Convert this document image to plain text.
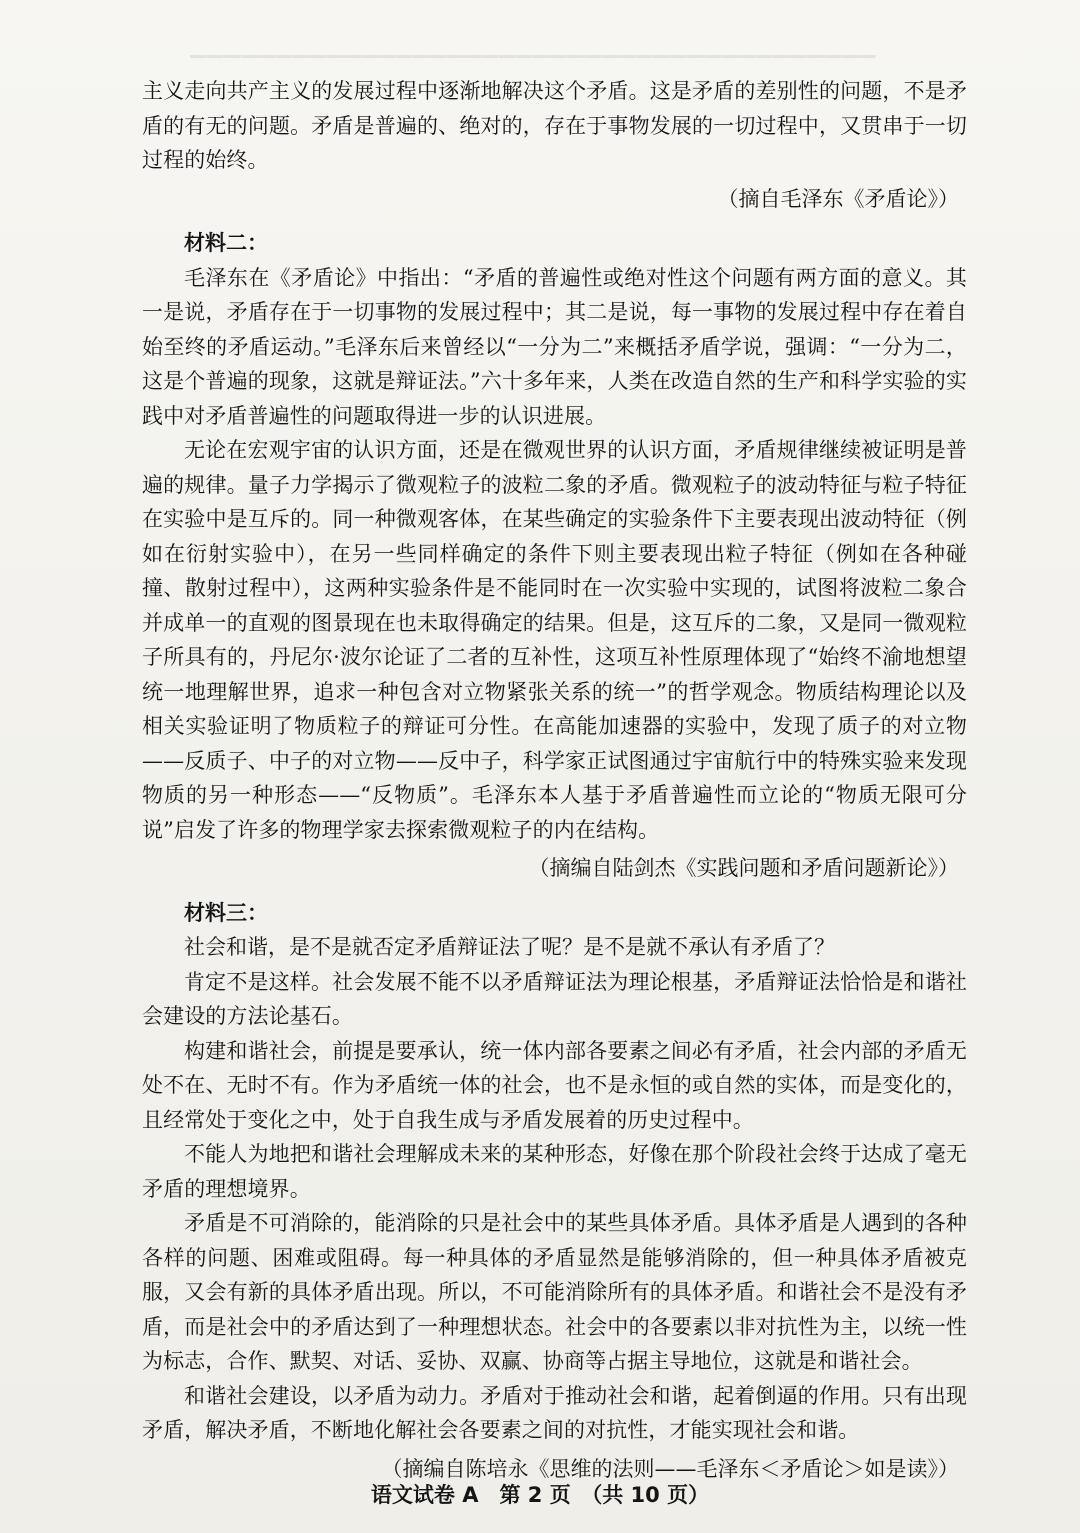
▁▁▁▁▁▁▁▁▁▁▁▁▁▁▁▁▁▁▁▁▁▁▁▁▁▁▁▁▁▁▁▁▁▁▁▁▁▁▁▁

主义走向共产主义的发展过程中逐渐地解决这个矛盾。这是矛盾的差别性的问题，不是矛盾的有无的问题。矛盾是普遍的、绝对的，存在于事物发展的一切过程中，又贯串于一切过程的始终。

（摘自毛泽东《矛盾论》）
材料二：

毛泽东在《矛盾论》中指出：“矛盾的普遍性或绝对性这个问题有两方面的意义。其一是说，矛盾存在于一切事物的发展过程中；其二是说，每一事物的发展过程中存在着自始至终的矛盾运动。”毛泽东后来曾经以“一分为二”来概括矛盾学说，强调：“一分为二，这是个普遍的现象，这就是辩证法。”六十多年来，人类在改造自然的生产和科学实验的实践中对矛盾普遍性的问题取得进一步的认识进展。

无论在宏观宇宙的认识方面，还是在微观世界的认识方面，矛盾规律继续被证明是普遍的规律。量子力学揭示了微观粒子的波粒二象的矛盾。微观粒子的波动特征与粒子特征在实验中是互斥的。同一种微观客体，在某些确定的实验条件下主要表现出波动特征（例如在衍射实验中），在另一些同样确定的条件下则主要表现出粒子特征（例如在各种碰撞、散射过程中），这两种实验条件是不能同时在一次实验中实现的，试图将波粒二象合并成单一的直观的图景现在也未取得确定的结果。但是，这互斥的二象，又是同一微观粒子所具有的，丹尼尔·波尔论证了二者的互补性，这项互补性原理体现了“始终不渝地想望统一地理解世界，追求一种包含对立物紧张关系的统一”的哲学观念。物质结构理论以及相关实验证明了物质粒子的辩证可分性。在高能加速器的实验中，发现了质子的对立物——反质子、中子的对立物——反中子，科学家正试图通过宇宙航行中的特殊实验来发现物质的另一种形态——“反物质”。毛泽东本人基于矛盾普遍性而立论的“物质无限可分说”启发了许多的物理学家去探索微观粒子的内在结构。

（摘编自陆剑杰《实践问题和矛盾问题新论》）
材料三：
社会和谐，是不是就否定矛盾辩证法了呢？是不是就不承认有矛盾了？

肯定不是这样。社会发展不能不以矛盾辩证法为理论根基，矛盾辩证法恰恰是和谐社会建设的方法论基石。

构建和谐社会，前提是要承认，统一体内部各要素之间必有矛盾，社会内部的矛盾无处不在、无时不有。作为矛盾统一体的社会，也不是永恒的或自然的实体，而是变化的，且经常处于变化之中，处于自我生成与矛盾发展着的历史过程中。

不能人为地把和谐社会理解成未来的某种形态，好像在那个阶段社会终于达成了毫无矛盾的理想境界。

矛盾是不可消除的，能消除的只是社会中的某些具体矛盾。具体矛盾是人遇到的各种各样的问题、困难或阻碍。每一种具体的矛盾显然是能够消除的，但一种具体矛盾被克服，又会有新的具体矛盾出现。所以，不可能消除所有的具体矛盾。和谐社会不是没有矛盾，而是社会中的矛盾达到了一种理想状态。社会中的各要素以非对抗性为主，以统一性为标志，合作、默契、对话、妥协、双赢、协商等占据主导地位，这就是和谐社会。

和谐社会建设，以矛盾为动力。矛盾对于推动社会和谐，起着倒逼的作用。只有出现矛盾，解决矛盾，不断地化解社会各要素之间的对抗性，才能实现社会和谐。

（摘编自陈培永《思维的法则——毛泽东＜矛盾论＞如是读》）
语文试卷 A　第 2 页　（共 10 页）
